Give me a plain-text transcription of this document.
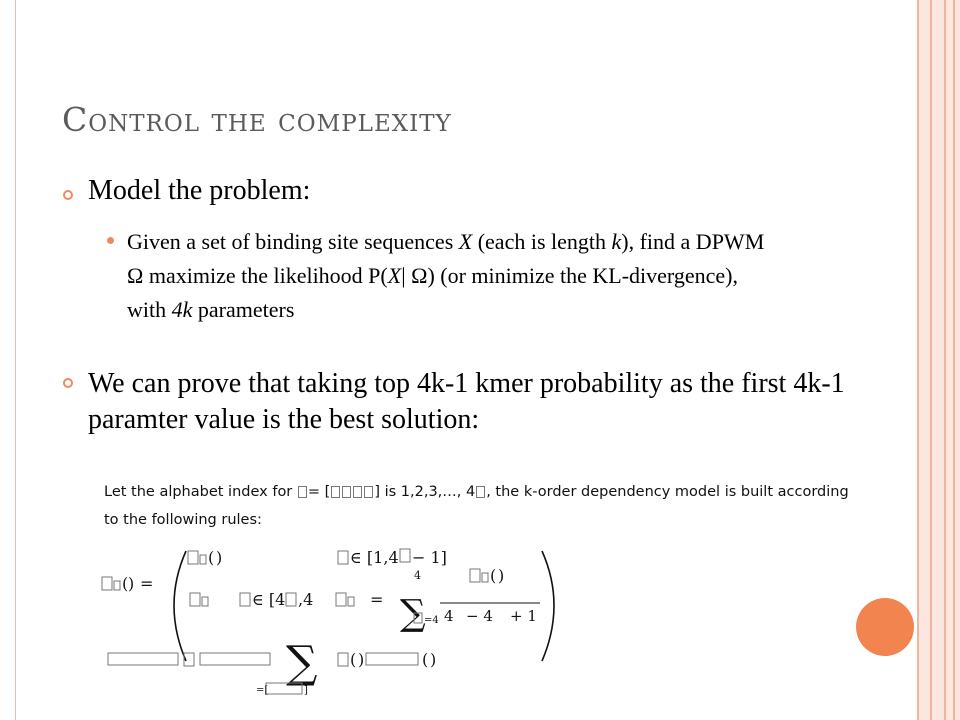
Control the complexity
Model the problem:
Given a set of binding site sequences X (each is length k), find a DPWM Ω maximize the likelihood P(X| Ω) (or minimize the KL-divergence), with 4k parameters
We can prove that taking top 4k-1 kmer probability as the first 4k-1 paramter value is the best solution:
Let the alphabet index for = [	] is 1,2,3,…, 4 , the k-order dependency model is built according
to the following rules:
∑
∑
( ) =
( )	∈ [1,4 − 1]
∈ [4 ,4	=
4	( )
4 − 4 + 1
=4
( )	( )
=[	]
